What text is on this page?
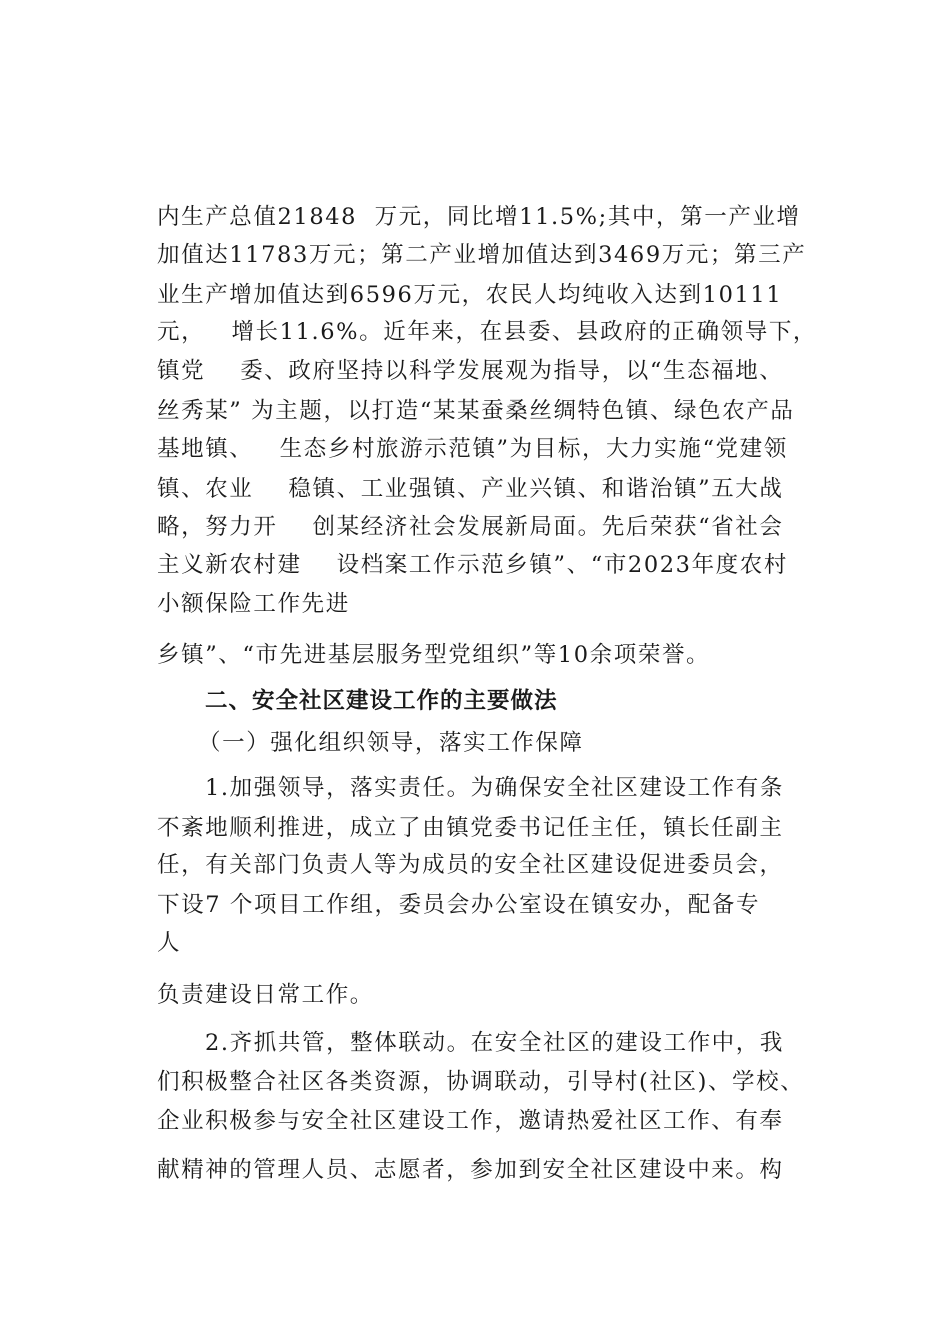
内生产总值21848  万元，同比增11.5%;其中，第一产业增
加值达11783万元；第二产业增加值达到3469万元；第三产
业生产增加值达到6596万元，农民人均纯收入达到10111
元，   增长11.6%。近年来，在县委、县政府的正确领导下，
镇党    委、政府坚持以科学发展观为指导，以“生态福地、
丝秀某” 为主题，以打造“某某蚕桑丝绸特色镇、绿色农产品
基地镇、   生态乡村旅游示范镇”为目标，大力实施“党建领
镇、农业    稳镇、工业强镇、产业兴镇、和谐治镇”五大战
略，努力开    创某经济社会发展新局面。先后荣获“省社会
主义新农村建    设档案工作示范乡镇”、“市2023年度农村
小额保险工作先进
乡镇”、“市先进基层服务型党组织”等10余项荣誉。
二、安全社区建设工作的主要做法
（一）强化组织领导，落实工作保障
1.加强领导，落实责任。为确保安全社区建设工作有条
不紊地顺利推进，成立了由镇党委书记任主任，镇长任副主
任，有关部门负责人等为成员的安全社区建设促进委员会，
下设7 个项目工作组，委员会办公室设在镇安办，配备专
人
负责建设日常工作。
2.齐抓共管，整体联动。在安全社区的建设工作中，我
们积极整合社区各类资源，协调联动，引导村(社区)、学校、
企业积极参与安全社区建设工作，邀请热爱社区工作、有奉
献精神的管理人员、志愿者，参加到安全社区建设中来。构
